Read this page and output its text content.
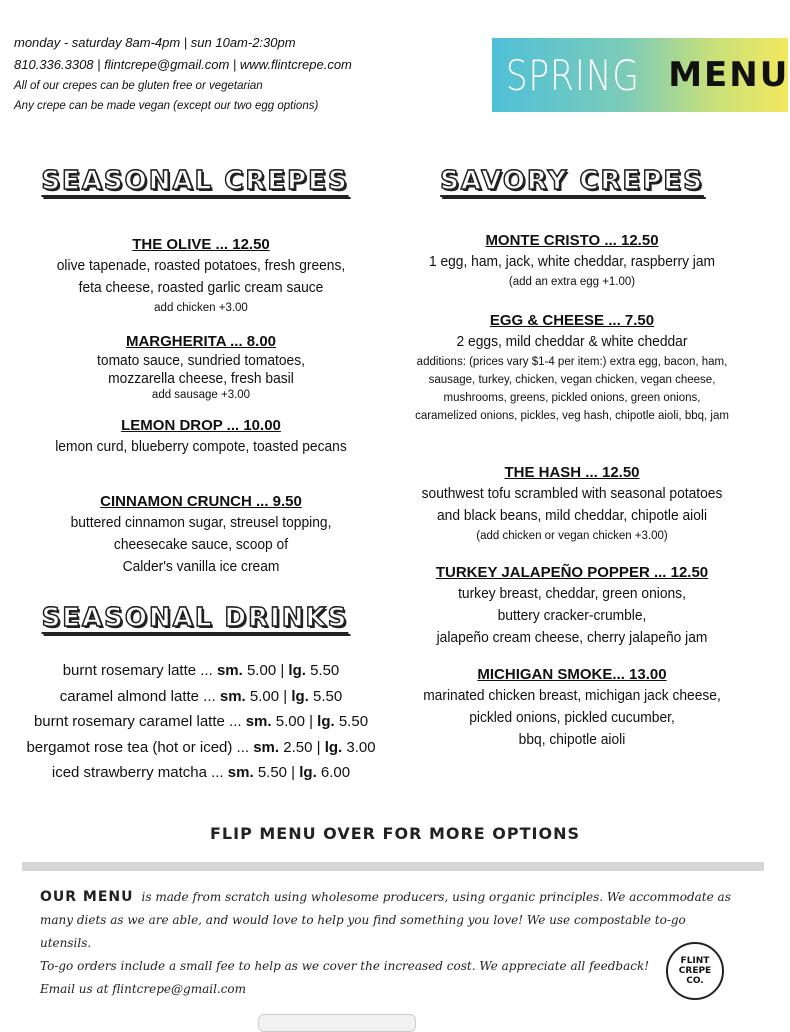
monday - saturday 8am-4pm | sun 10am-2:30pm
810.336.3308 | flintcrepe@gmail.com | www.flintcrepe.com
All of our crepes can be gluten free or vegetarian
Any crepe can be made vegan (except our two egg options)
SPRING MENU
SEASONAL CREPES
THE OLIVE ... 12.50
olive tapenade, roasted potatoes, fresh greens,
feta cheese, roasted garlic cream sauce
add chicken +3.00
MARGHERITA ... 8.00
tomato sauce, sundried tomatoes,
mozzarella cheese, fresh basil
add sausage +3.00
LEMON DROP ... 10.00
lemon curd, blueberry compote, toasted pecans
CINNAMON CRUNCH ... 9.50
buttered cinnamon sugar, streusel topping,
cheesecake sauce, scoop of
Calder's vanilla ice cream
SEASONAL DRINKS
burnt rosemary latte ... sm. 5.00 | lg. 5.50
caramel almond latte ... sm. 5.00 | lg. 5.50
burnt rosemary caramel latte ... sm. 5.00 | lg. 5.50
bergamot rose tea (hot or iced) ... sm. 2.50 | lg. 3.00
iced strawberry matcha ... sm. 5.50 | lg. 6.00
SAVORY CREPES
MONTE CRISTO ... 12.50
1 egg, ham, jack, white cheddar, raspberry jam
(add an extra egg +1.00)
EGG & CHEESE ... 7.50
2 eggs, mild cheddar & white cheddar
additions: (prices vary $1-4 per item:) extra egg, bacon, ham,
sausage, turkey, chicken, vegan chicken, vegan cheese,
mushrooms, greens, pickled onions, green onions,
caramelized onions, pickles, veg hash, chipotle aioli, bbq, jam
THE HASH ... 12.50
southwest tofu scrambled with seasonal potatoes
and black beans, mild cheddar, chipotle aioli
(add chicken or vegan chicken +3.00)
TURKEY JALAPEÑO POPPER ... 12.50
turkey breast, cheddar, green onions,
buttery cracker-crumble,
jalapeño cream cheese, cherry jalapeño jam
MICHIGAN SMOKE... 13.00
marinated chicken breast, michigan jack cheese,
pickled onions, pickled cucumber,
bbq, chipotle aioli
FLIP MENU OVER FOR MORE OPTIONS
OUR MENU is made from scratch using wholesome producers, using organic principles. We accommodate as
many diets as we are able, and would love to help you find something you love! We use compostable to-go utensils.
To-go orders include a small fee to help as we cover the increased cost. We appreciate all feedback!
Email us at flintcrepe@gmail.com
FLINT
CREPE
CO.
